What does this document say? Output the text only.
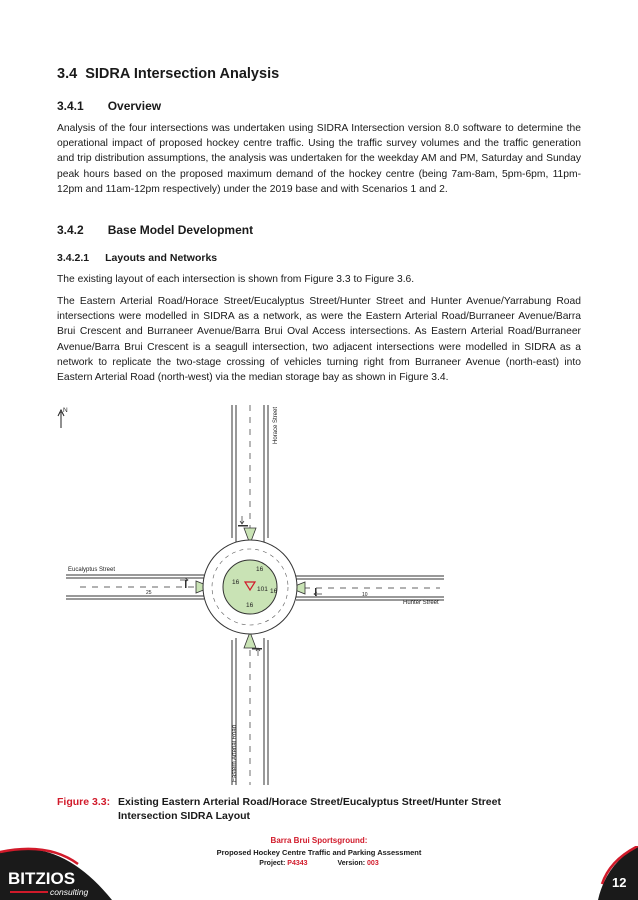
3.4 SIDRA Intersection Analysis
3.4.1 Overview

Analysis of the four intersections was undertaken using SIDRA Intersection version 8.0 software to determine the operational impact of proposed hockey centre traffic. Using the traffic survey volumes and the traffic generation and trip distribution assumptions, the analysis was undertaken for the weekday AM and PM, Saturday and Sunday peak hours based on the proposed maximum demand of the hockey centre (being 7am-8am, 5pm-6pm, 11pm-12pm and 11am-12pm respectively) under the 2019 base and with Scenarios 1 and 2.

3.4.2 Base Model Development
3.4.2.1 Layouts and Networks

The existing layout of each intersection is shown from Figure 3.3 to Figure 3.6.

The Eastern Arterial Road/Horace Street/Eucalyptus Street/Hunter Street and Hunter Avenue/Yarrabung Road intersections were modelled in SIDRA as a network, as were the Eastern Arterial Road/Burraneer Avenue/Barra Brui Crescent and Burraneer Avenue/Barra Brui Oval Access intersections. As Eastern Arterial Road/Burraneer Avenue/Barra Brui Crescent is a seagull intersection, two adjacent intersections were modelled in SIDRA as a network to replicate the two-stage crossing of vehicles turning right from Burraneer Avenue (north-east) into Eastern Arterial Road (north-west) via the median storage bay as shown in Figure 3.4.

N
101
16
16
16
16
25	10
Eucalyptus Street
Hunter Street
Horace Street
Eastern Arterial Road
Figure 3.3: Existing Eastern Arterial Road/Horace Street/Eucalyptus Street/Hunter Street
Intersection SIDRA Layout
Barra Brui Sportsground:
Proposed Hockey Centre Traffic and Parking Assessment
Project: P4343	Version: 003
BITZIOS
consulting
12
